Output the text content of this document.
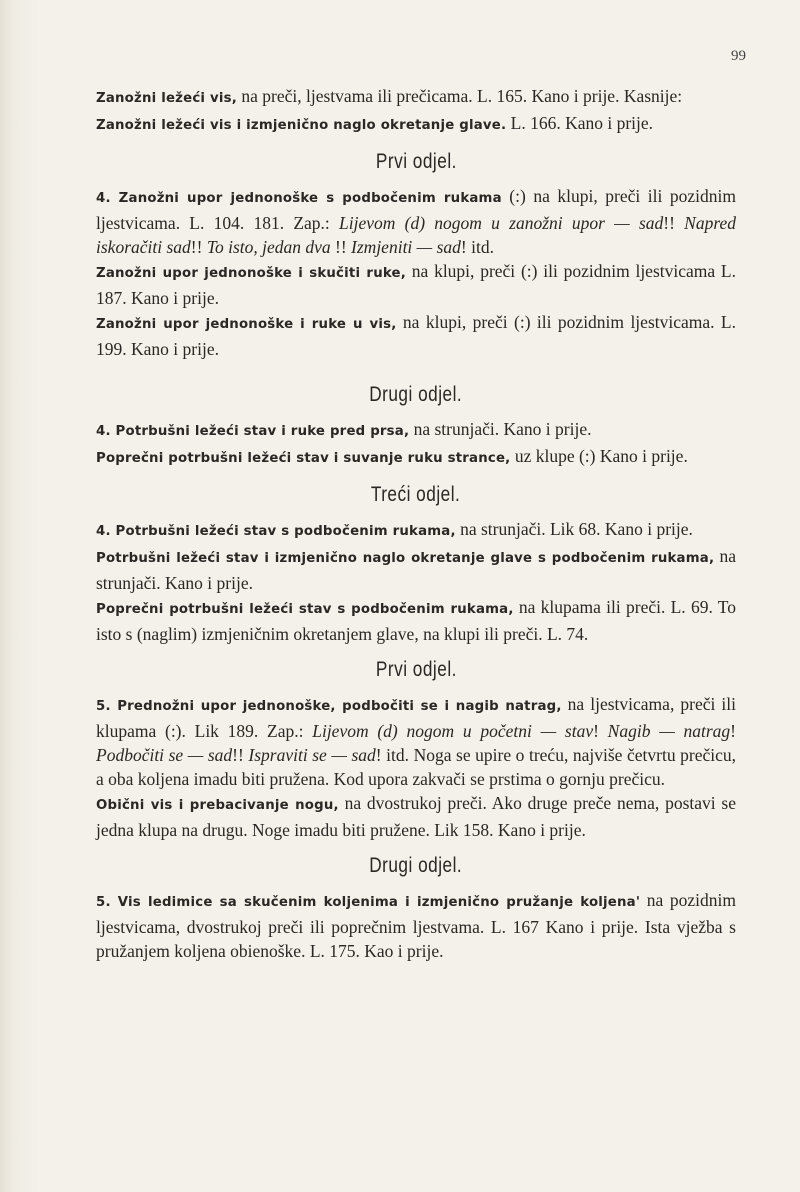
99

Zanožni ležeći vis, na preči, ljestvama ili prečicama. L. 165. Kano i prije. Kasnije:

Zanožni ležeći vis i izmjenično naglo okretanje glave. L. 166. Kano i prije.

Prvi odjel.

4. Zanožni upor jednonoške s podbočenim rukama (:) na klupi, preči ili pozidnim ljestvicama. L. 104. 181. Zap.: Lijevom (d) nogom u zanožni upor — sad!! Napred iskoračiti sad!! To isto, jedan dva !! Izmjeniti — sad! itd.

Zanožni upor jednonoške i skučiti ruke, na klupi, preči (:) ili pozidnim ljestvicama L. 187. Kano i prije.

Zanožni upor jednonoške i ruke u vis, na klupi, preči (:) ili pozidnim ljestvicama. L. 199. Kano i prije.

Drugi odjel.

4. Potrbušni ležeći stav i ruke pred prsa, na strunjači. Kano i prije.

Poprečni potrbušni ležeći stav i suvanje ruku strance, uz klupe (:) Kano i prije.

Treći odjel.

4. Potrbušni ležeći stav s podbočenim rukama, na strunjači. Lik 68. Kano i prije.

Potrbušni ležeći stav i izmjenično naglo okretanje glave s podbočenim rukama, na strunjači. Kano i prije.

Poprečni potrbušni ležeći stav s podbočenim rukama, na klupama ili preči. L. 69. To isto s (naglim) izmjeničnim okretanjem glave, na klupi ili preči. L. 74.

Prvi odjel.

5. Prednožni upor jednonoške, podbočiti se i nagib natrag, na ljestvicama, preči ili klupama (:). Lik 189. Zap.: Lijevom (d) nogom u početni — stav! Nagib — natrag! Podbočiti se — sad!! Ispraviti se — sad! itd. Noga se upire o treću, najviše četvrtu prečicu, a oba koljena imadu biti pružena. Kod upora zakvači se prstima o gornju prečicu.

Obični vis i prebacivanje nogu, na dvostrukoj preči. Ako druge preče nema, postavi se jedna klupa na drugu. Noge imadu biti pružene. Lik 158. Kano i prije.

Drugi odjel.

5. Vis ledimice sa skučenim koljenima i izmjenično pružanje koljena' na pozidnim ljestvicama, dvostrukoj preči ili poprečnim ljestvama. L. 167 Kano i prije. Ista vježba s pružanjem koljena obienoške. L. 175. Kao i prije.
